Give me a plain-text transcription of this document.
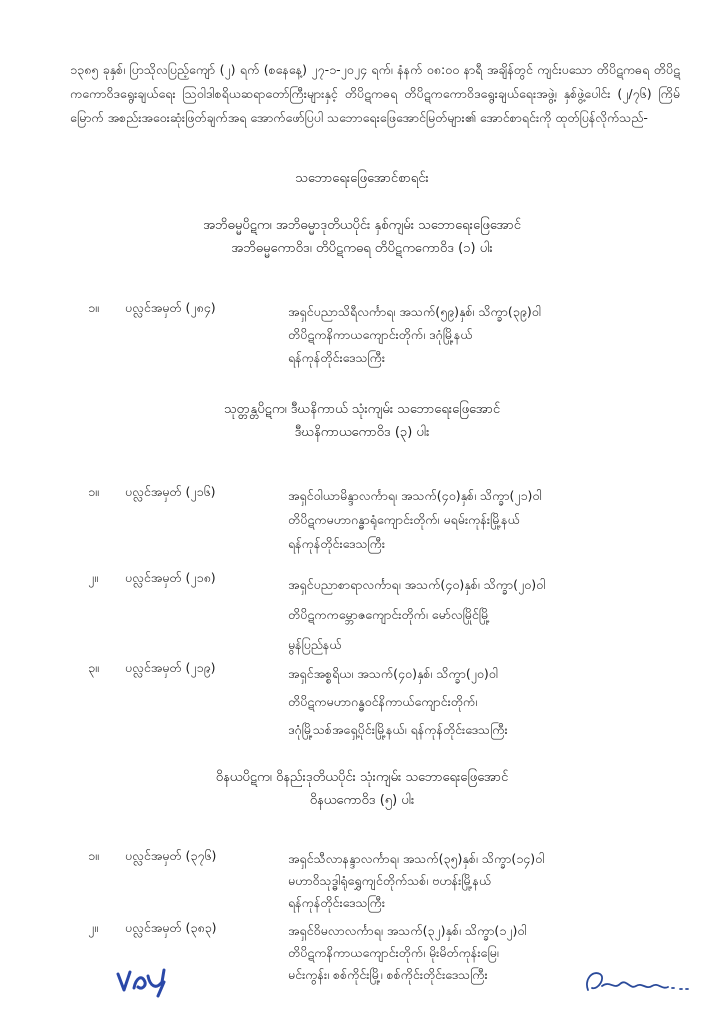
၁၃၈၅ ခုနှစ်၊ ပြာသိုလပြည့်ကျော် (၂) ရက် (စနေနေ့) ၂၇-၁-၂၀၂၄ ရက်၊ နံနက် ၀၈:၀၀ နာရီ အချိန်တွင် ကျင်းပသော တိပိဋကဓရ တိပိဋကကောဝိဒရွေးချယ်ရေး ဩဝါဒါစရိယဆရာတော်ကြီးများနှင့် တိပိဋကဓရ တိပိဋကကောဝိဒရွေးချယ်ရေးအဖွဲ့၊ နှစ်ဖွဲ့ပေါင်း (၂/၇၆) ကြိမ်မြောက် အစည်းအဝေးဆုံးဖြတ်ချက်အရ အောက်ဖော်ပြပါ သဘောရေးဖြေအောင်မြတ်များ၏ အောင်စာရင်းကို ထုတ်ပြန်လိုက်သည်-

သဘောရေးဖြေအောင်စာရင်း
အဘိဓမ္မပိဋက၊ အဘိဓမ္မာဒုတိယပိုင်း နှစ်ကျမ်း သဘောရေးဖြေအောင်
အဘိဓမ္မကောဝိဒ၊ တိပိဋကဓရ တိပိဋကကောဝိဒ (၁) ပါး
၁။ ပလ္လင်အမှတ် (၂၈၄)	အရှင်ပညာသိရီလင်္ကာရ၊ အသက်(၅၉)နှစ်၊ သိက္ခာ(၃၉)ဝါ
တိပိဋကနိကာယကျောင်းတိုက်၊ ဒဂုံမြို့နယ်
ရန်ကုန်တိုင်းဒေသကြီး
သုတ္တန္တပိဋက၊ ဒီဃနိကာယ် သုံးကျမ်း သဘောရေးဖြေအောင်
ဒီဃနိကာယကောဝိဒ (၃) ပါး
၁။ ပလ္လင်အမှတ် (၂၁၆)	အရှင်ဝါယာမိန္ဒာလင်္ကာရ၊ အသက်(၄၀)နှစ်၊ သိက္ခာ(၂၁)ဝါ
တိပိဋကမဟာဂန္ဓာရုံကျောင်းတိုက်၊ မရမ်းကုန်းမြို့နယ်
ရန်ကုန်တိုင်းဒေသကြီး
၂။ ပလ္လင်အမှတ် (၂၁၈)	အရှင်ပညာစာရာလင်္ကာရ၊ အသက်(၄၀)နှစ်၊ သိက္ခာ(၂၀)ဝါ
တိပိဋကကမ္ဘောဇကျောင်းတိုက်၊ မော်လမြိုင်မြို့
မွန်ပြည်နယ်
၃။ ပလ္လင်အမှတ် (၂၁၉)	အရှင်အစ္စရိယ၊ အသက်(၄၀)နှစ်၊ သိက္ခာ(၂၀)ဝါ
တိပိဋကမဟာဂန္ဓဝင်နိကာယ်ကျောင်းတိုက်၊
ဒဂုံမြို့သစ်အရှေ့ပိုင်းမြို့နယ်၊ ရန်ကုန်တိုင်းဒေသကြီး
ဝိနယပိဋက၊ ဝိနည်းဒုတိယပိုင်း သုံးကျမ်း သဘောရေးဖြေအောင်
ဝိနယကောဝိဒ (၅) ပါး
၁။ ပလ္လင်အမှတ် (၃၇၆)	အရှင်သီလာနန္ဒာလင်္ကာရ၊ အသက်(၃၅)နှစ်၊ သိက္ခာ(၁၄)ဝါ
မဟာဝိသုဒ္ဓါရုံရွှေကျင်တိုက်သစ်၊ ဗဟန်းမြို့နယ်
ရန်ကုန်တိုင်းဒေသကြီး
၂။ ပလ္လင်အမှတ် (၃၈၃)	အရှင်ဝိမလာလင်္ကာရ၊ အသက်(၃၂)နှစ်၊ သိက္ခာ(၁၂)ဝါ
တိပိဋကနိကာယကျောင်းတိုက်၊ မိုးမိတ်ကုန်းမြေ၊
မင်းကွန်း၊ စစ်ကိုင်းမြို့၊ စစ်ကိုင်းတိုင်းဒေသကြီး
